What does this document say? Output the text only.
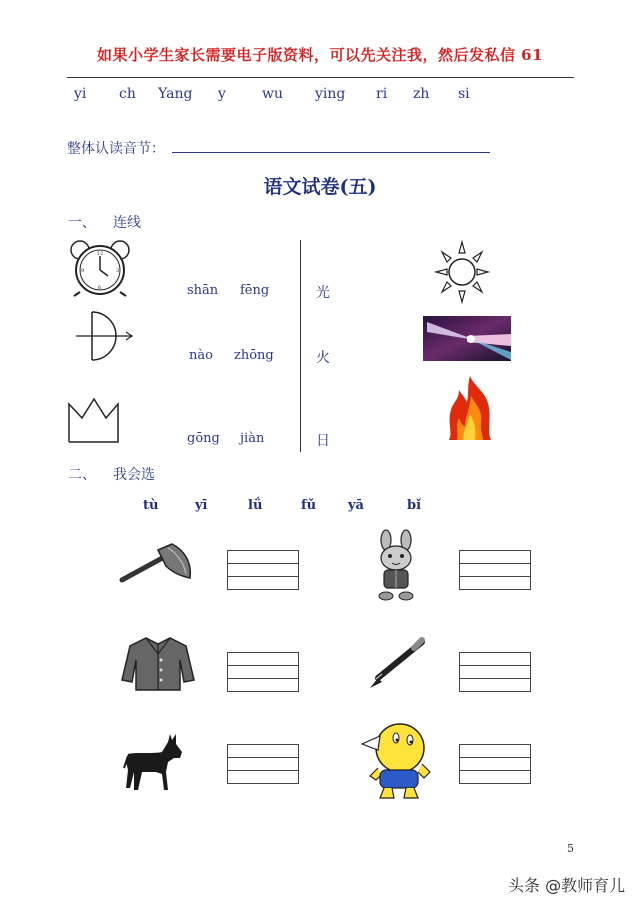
如果小学生家长需要电子版资料，可以先关注我，然后发私信 61
yi ch Yang y	wu ying ri zh si
整体认读音节：
语文试卷(五)
一、 连线
12
3
6
9
shān fēng
nào zhōng
gōng jiàn
光
火
日
二、 我会选
tù	yī	lǘ	fǔ yā	bǐ
5
头条 @教师育儿
